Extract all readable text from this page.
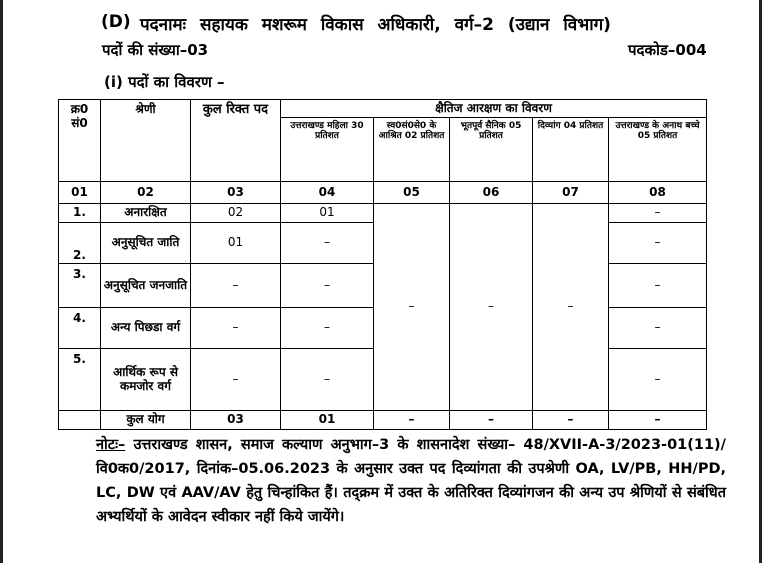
(D) पदनामः सहायक मशरूम विकास अधिकारी, वर्ग–2 (उद्यान विभाग)
पदों की संख्या–03	पदकोड–004
(i) पदों का विवरण –
क्र0 सं0	श्रेणी	कुल रिक्त पद	क्षैतिज आरक्षण का विवरण				
			उत्तराखण्ड महिला 30 प्रतिशत	स्व0सं0से0 के आश्रित 02 प्रतिशत	भूतपूर्व सैनिक 05 प्रतिशत	दिव्यांग 04 प्रतिशत	उत्तराखण्ड के अनाथ बच्चे 05 प्रतिशत
01	02	03	04	05	06	07	08
1.	अनारक्षित	02	01	–	–	–	–
2.	अनुसूचित जाति	01	–				–
3.	अनुसूचित जनजाति	–	–				–
4.	अन्य पिछडा वर्ग	–	–				–
5.	आर्थिक रूप से कमजोर वर्ग	–	–				–
	कुल योग	03	01	–	–	–	–
नोटः– उत्तराखण्ड शासन, समाज कल्याण अनुभाग–3 के शासनादेश संख्या– 48/XVII-A-3/2023-01(11)/वि0क0/2017, दिनांक–05.06.2023 के अनुसार उक्त पद दिव्यांगता की उपश्रेणी OA, LV/PB, HH/PD, LC, DW एवं AAV/AV हेतु चिन्हांकित हैं। तद्क्रम में उक्त के अतिरिक्त दिव्यांगजन की अन्य उप श्रेणियों से संबंधित अभ्यर्थियों के आवेदन स्वीकार नहीं किये जायेंगे।
